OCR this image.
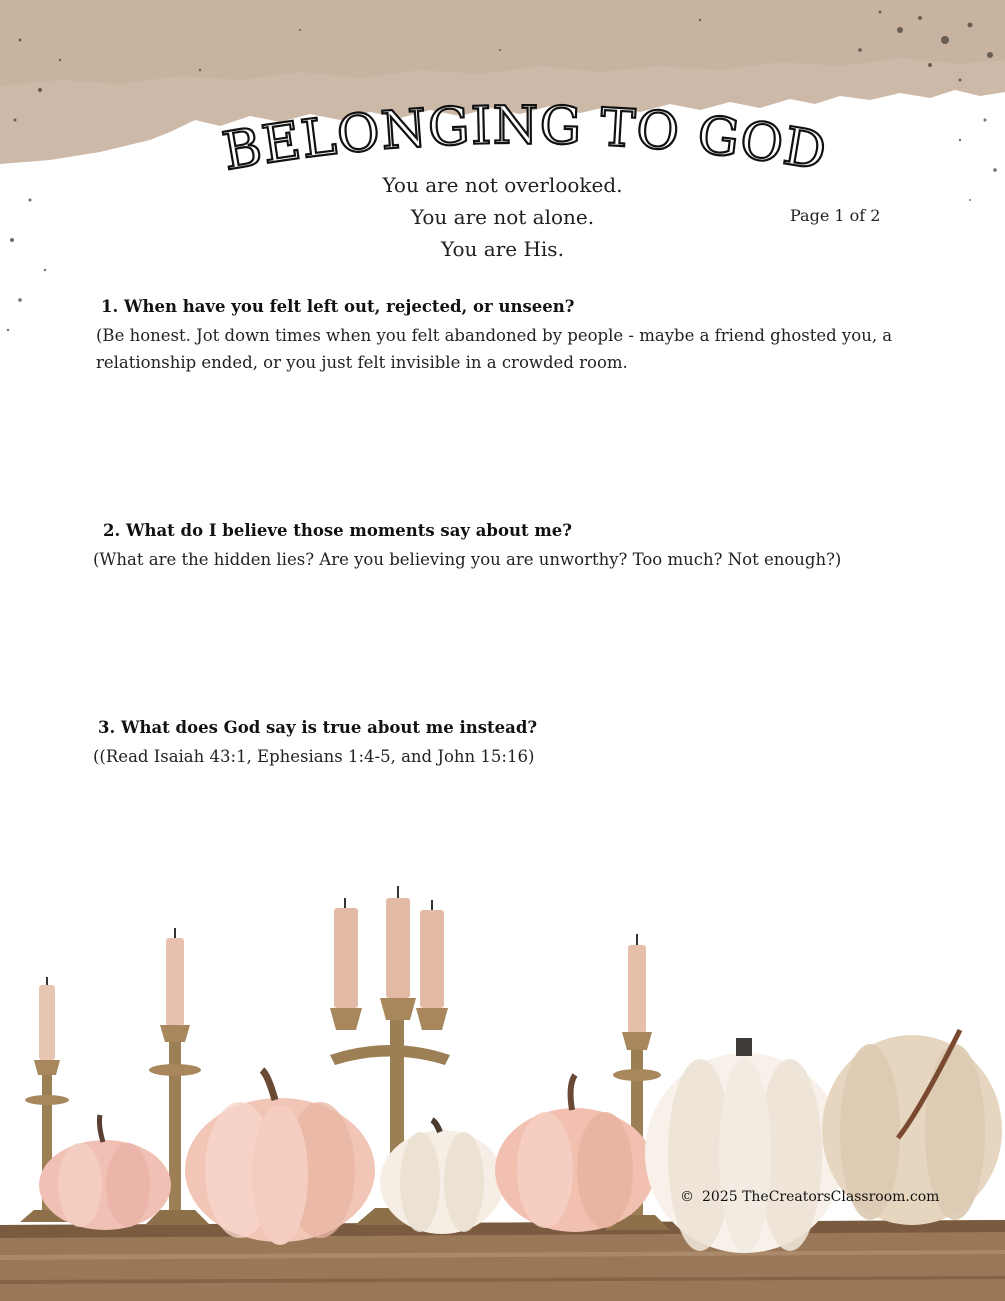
BELONGING TO GOD

You are not overlooked.

You are not alone.

You are His.

Page 1 of 2

1. When have you felt left out, rejected, or unseen?

(Be honest. Jot down times when you felt abandoned by people - maybe a friend ghosted you, a relationship ended, or you just felt invisible in a crowded room.

2. What do I believe those moments say about me?

(What are the hidden lies? Are you believing you are unworthy? Too much? Not enough?)

3. What does God say is true about me instead?

((Read Isaiah 43:1, Ephesians 1:4-5, and John 15:16)

© 2025 TheCreatorsClassroom.com
